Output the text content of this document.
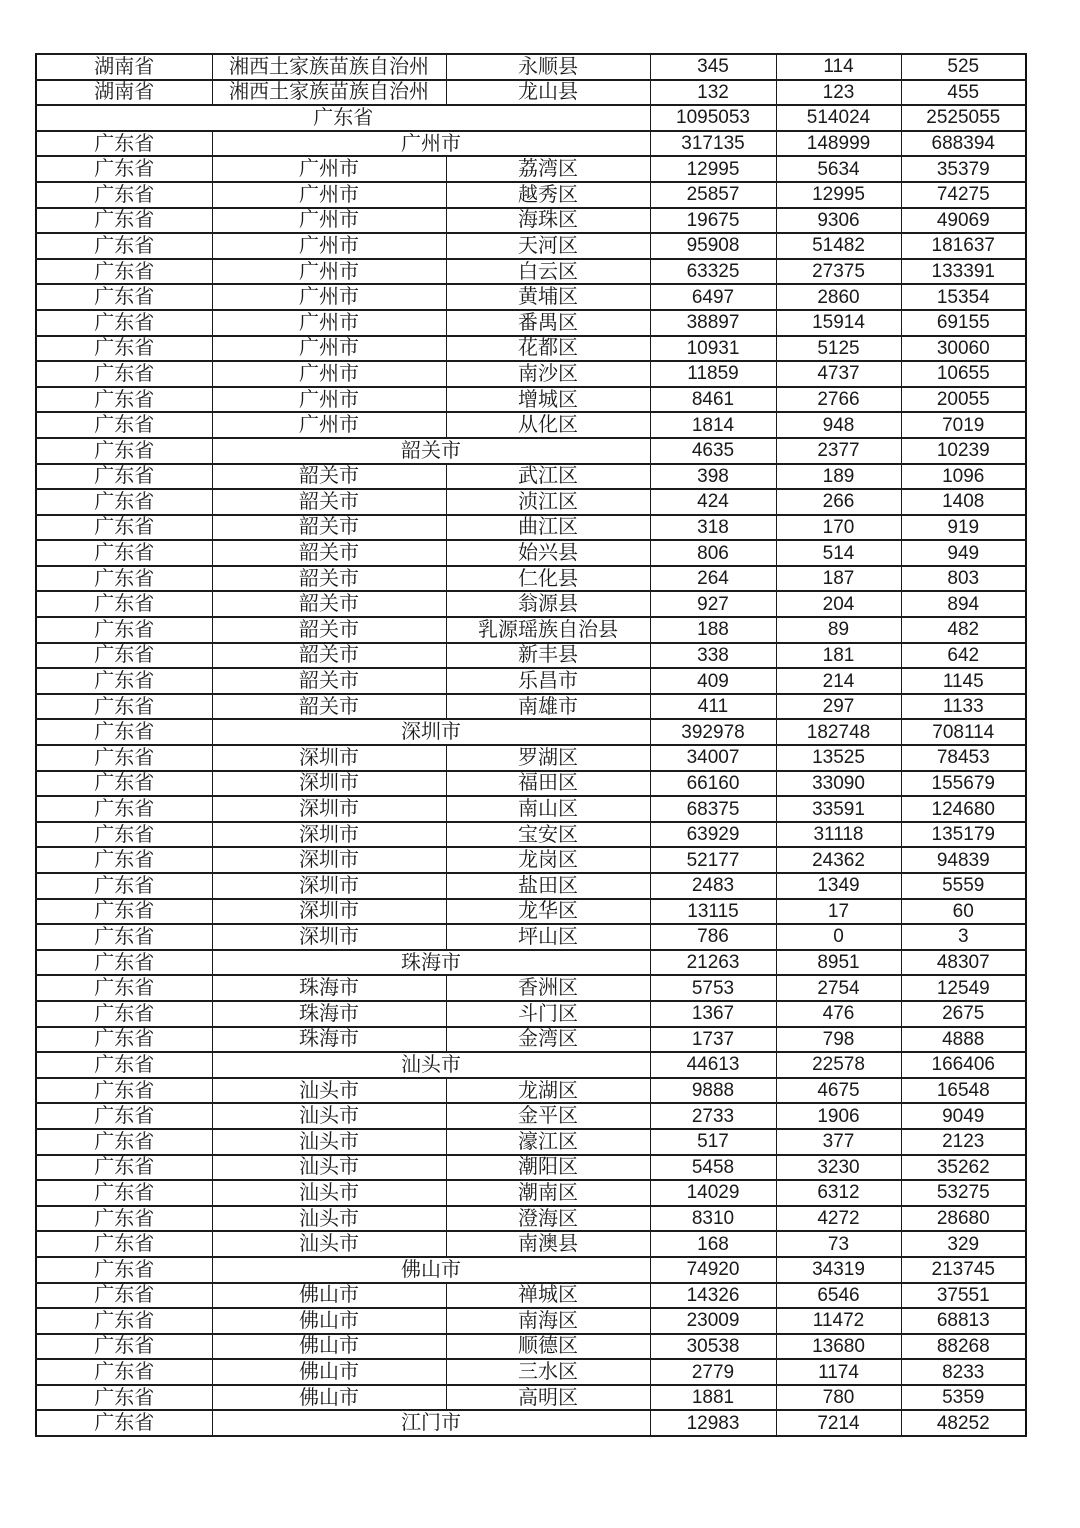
湖南省	湘西土家族苗族自治州	永顺县	345	114	525
湖南省	湘西土家族苗族自治州	龙山县	132	123	455
广东省			1095053	514024	2525055
广东省	广州市		317135	148999	688394
广东省	广州市	荔湾区	12995	5634	35379
广东省	广州市	越秀区	25857	12995	74275
广东省	广州市	海珠区	19675	9306	49069
广东省	广州市	天河区	95908	51482	181637
广东省	广州市	白云区	63325	27375	133391
广东省	广州市	黄埔区	6497	2860	15354
广东省	广州市	番禺区	38897	15914	69155
广东省	广州市	花都区	10931	5125	30060
广东省	广州市	南沙区	11859	4737	10655
广东省	广州市	增城区	8461	2766	20055
广东省	广州市	从化区	1814	948	7019
广东省	韶关市		4635	2377	10239
广东省	韶关市	武江区	398	189	1096
广东省	韶关市	浈江区	424	266	1408
广东省	韶关市	曲江区	318	170	919
广东省	韶关市	始兴县	806	514	949
广东省	韶关市	仁化县	264	187	803
广东省	韶关市	翁源县	927	204	894
广东省	韶关市	乳源瑶族自治县	188	89	482
广东省	韶关市	新丰县	338	181	642
广东省	韶关市	乐昌市	409	214	1145
广东省	韶关市	南雄市	411	297	1133
广东省	深圳市		392978	182748	708114
广东省	深圳市	罗湖区	34007	13525	78453
广东省	深圳市	福田区	66160	33090	155679
广东省	深圳市	南山区	68375	33591	124680
广东省	深圳市	宝安区	63929	31118	135179
广东省	深圳市	龙岗区	52177	24362	94839
广东省	深圳市	盐田区	2483	1349	5559
广东省	深圳市	龙华区	13115	17	60
广东省	深圳市	坪山区	786	0	3
广东省	珠海市		21263	8951	48307
广东省	珠海市	香洲区	5753	2754	12549
广东省	珠海市	斗门区	1367	476	2675
广东省	珠海市	金湾区	1737	798	4888
广东省	汕头市		44613	22578	166406
广东省	汕头市	龙湖区	9888	4675	16548
广东省	汕头市	金平区	2733	1906	9049
广东省	汕头市	濠江区	517	377	2123
广东省	汕头市	潮阳区	5458	3230	35262
广东省	汕头市	潮南区	14029	6312	53275
广东省	汕头市	澄海区	8310	4272	28680
广东省	汕头市	南澳县	168	73	329
广东省	佛山市		74920	34319	213745
广东省	佛山市	禅城区	14326	6546	37551
广东省	佛山市	南海区	23009	11472	68813
广东省	佛山市	顺德区	30538	13680	88268
广东省	佛山市	三水区	2779	1174	8233
广东省	佛山市	高明区	1881	780	5359
广东省	江门市		12983	7214	48252
